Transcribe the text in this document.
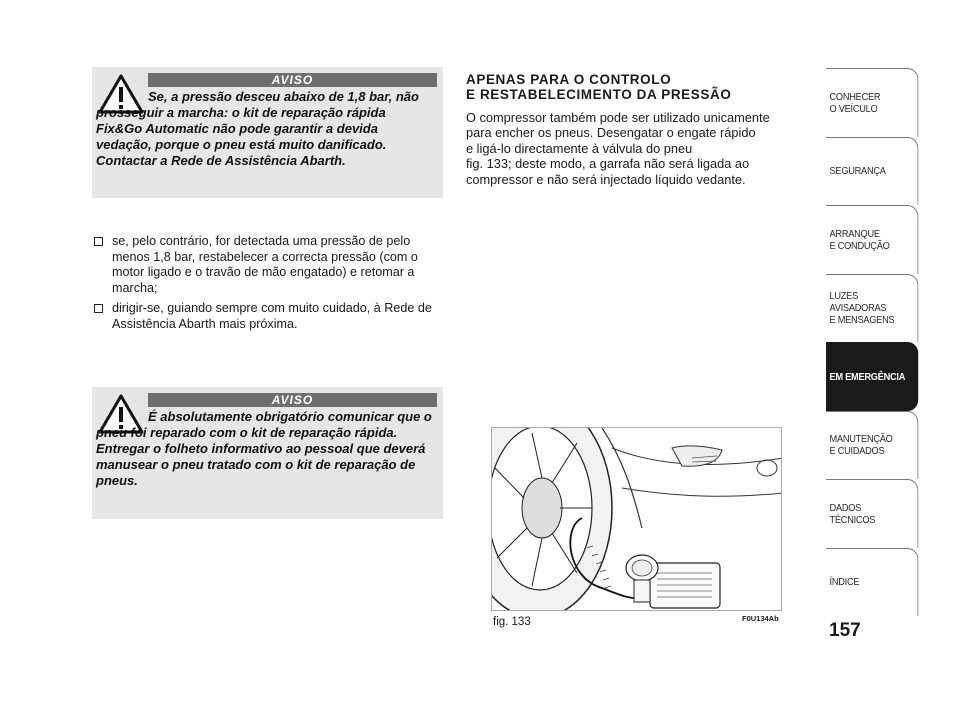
AVISO

Se, a pressão desceu abaixo de 1,8 bar, não prosseguir a marcha: o kit de reparação rápida Fix&Go Automatic não pode garantir a devida vedação, porque o pneu está muito danificado. Contactar a Rede de Assistência Abarth.

se, pelo contrário, for detectada uma pressão de pelo menos 1,8 bar, restabelecer a correcta pressão (com o motor ligado e o travão de mão engatado) e retomar a marcha;
dirigir-se, guiando sempre com muito cuidado, à Rede de Assistência Abarth mais próxima.
AVISO

É absolutamente obrigatório comunicar que o pneu foi reparado com o kit de reparação rápida. Entregar o folheto informativo ao pessoal que deverá manusear o pneu tratado com o kit de reparação de pneus.

APENAS PARA O CONTROLO
E RESTABELECIMENTO DA PRESSÃO

O compressor também pode ser utilizado unicamente
para encher os pneus. Desengatar o engate rápido
e ligá-lo directamente à válvula do pneu
fig. 133; deste modo, a garrafa não será ligada ao
compressor e não será injectado líquido vedante.

fig. 133	F0U134Ab
CONHECER
O VEÍCULO
SEGURANÇA
ARRANQUE
E CONDUÇÃO
LUZES
AVISADORAS
E MENSAGENS
EM EMERGÊNCIA
MANUTENÇÃO
E CUIDADOS
DADOS
TÉCNICOS
ÍNDICE
157
